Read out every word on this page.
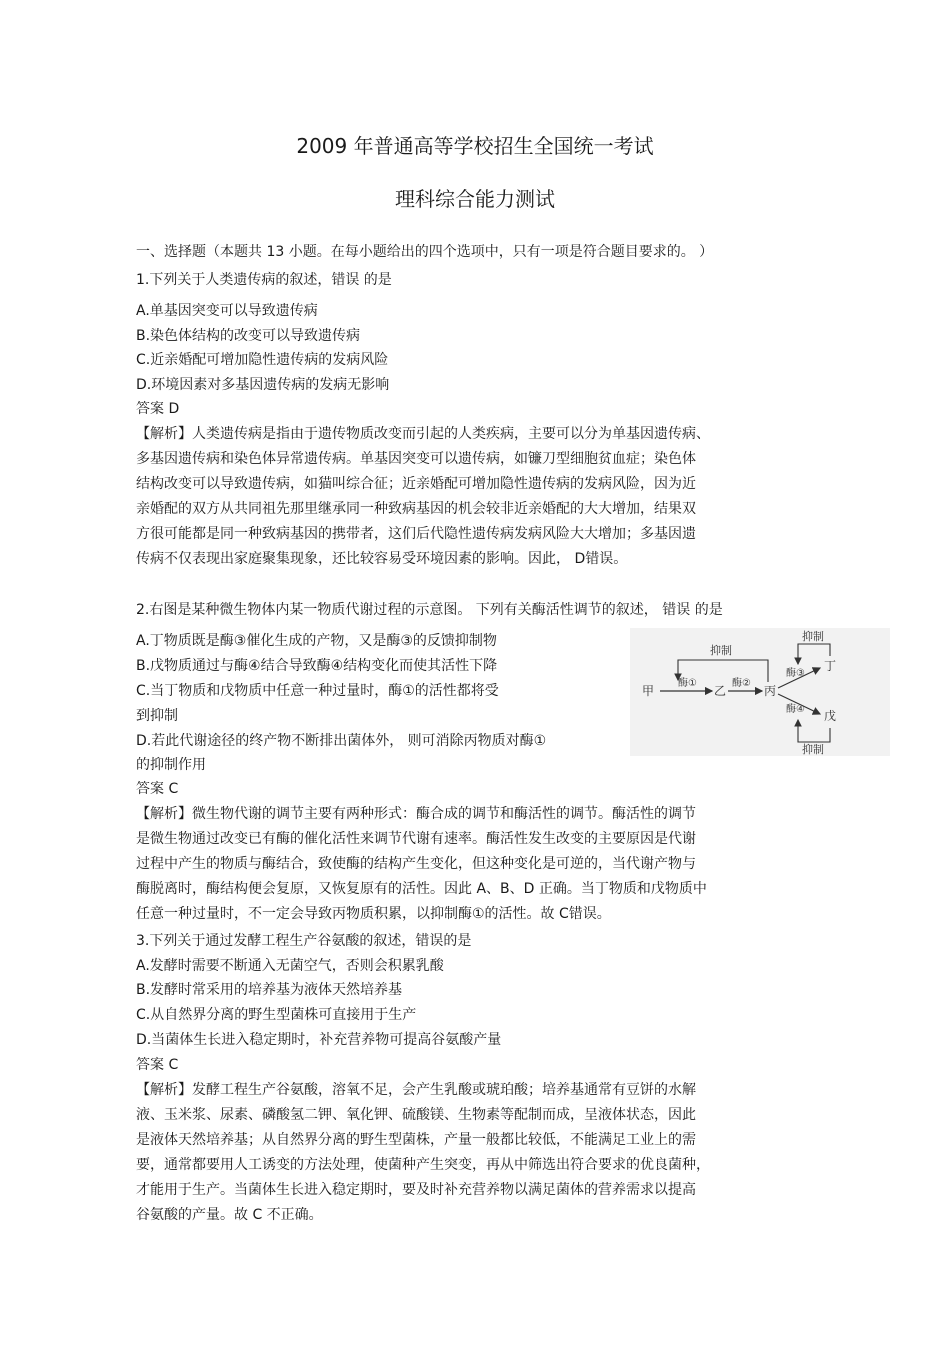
2009 年普通高等学校招生全国统一考试
理科综合能力测试
一、选择题（本题共 13 小题。在每小题给出的四个选项中，只有一项是符合题目要求的。 ）
1.下列关于人类遗传病的叙述，错误 的是
A.单基因突变可以导致遗传病
B.染色体结构的改变可以导致遗传病
C.近亲婚配可增加隐性遗传病的发病风险
D.环境因素对多基因遗传病的发病无影响
答案 D
【解析】人类遗传病是指由于遗传物质改变而引起的人类疾病，主要可以分为单基因遗传病、
多基因遗传病和染色体异常遗传病。单基因突变可以遗传病，如镰刀型细胞贫血症；染色体
结构改变可以导致遗传病，如猫叫综合征；近亲婚配可增加隐性遗传病的发病风险，因为近
亲婚配的双方从共同祖先那里继承同一种致病基因的机会较非近亲婚配的大大增加，结果双
方很可能都是同一种致病基因的携带者，这们后代隐性遗传病发病风险大大增加；多基因遗
传病不仅表现出家庭聚集现象，还比较容易受环境因素的影响。因此， D错误。
2.右图是某种微生物体内某一物质代谢过程的示意图。 下列有关酶活性调节的叙述， 错误 的是
A.丁物质既是酶③催化生成的产物，又是酶③的反馈抑制物
B.戊物质通过与酶④结合导致酶④结构变化而使其活性下降
C.当丁物质和戊物质中任意一种过量时，酶①的活性都将受
到抑制
D.若此代谢途径的终产物不断排出菌体外， 则可消除丙物质对酶①
的抑制作用
抑制
抑制
抑制
甲	乙	丙
丁
戊
酶①	酶②
酶③
酶④
答案 C
【解析】微生物代谢的调节主要有两种形式：酶合成的调节和酶活性的调节。酶活性的调节
是微生物通过改变已有酶的催化活性来调节代谢有速率。酶活性发生改变的主要原因是代谢
过程中产生的物质与酶结合，致使酶的结构产生变化，但这种变化是可逆的，当代谢产物与
酶脱离时，酶结构便会复原，又恢复原有的活性。因此 A、B、D 正确。当丁物质和戊物质中
任意一种过量时，不一定会导致丙物质积累，以抑制酶①的活性。故 C错误。
3.下列关于通过发酵工程生产谷氨酸的叙述，错误的是
A.发酵时需要不断通入无菌空气，否则会积累乳酸
B.发酵时常采用的培养基为液体天然培养基
C.从自然界分离的野生型菌株可直接用于生产
D.当菌体生长进入稳定期时，补充营养物可提高谷氨酸产量
答案 C
【解析】发酵工程生产谷氨酸，溶氧不足，会产生乳酸或琥珀酸；培养基通常有豆饼的水解
液、玉米浆、尿素、磷酸氢二钾、氧化钾、硫酸镁、生物素等配制而成，呈液体状态，因此
是液体天然培养基；从自然界分离的野生型菌株，产量一般都比较低，不能满足工业上的需
要，通常都要用人工诱变的方法处理，使菌种产生突变，再从中筛选出符合要求的优良菌种，
才能用于生产。当菌体生长进入稳定期时，要及时补充营养物以满足菌体的营养需求以提高
谷氨酸的产量。故 C 不正确。
